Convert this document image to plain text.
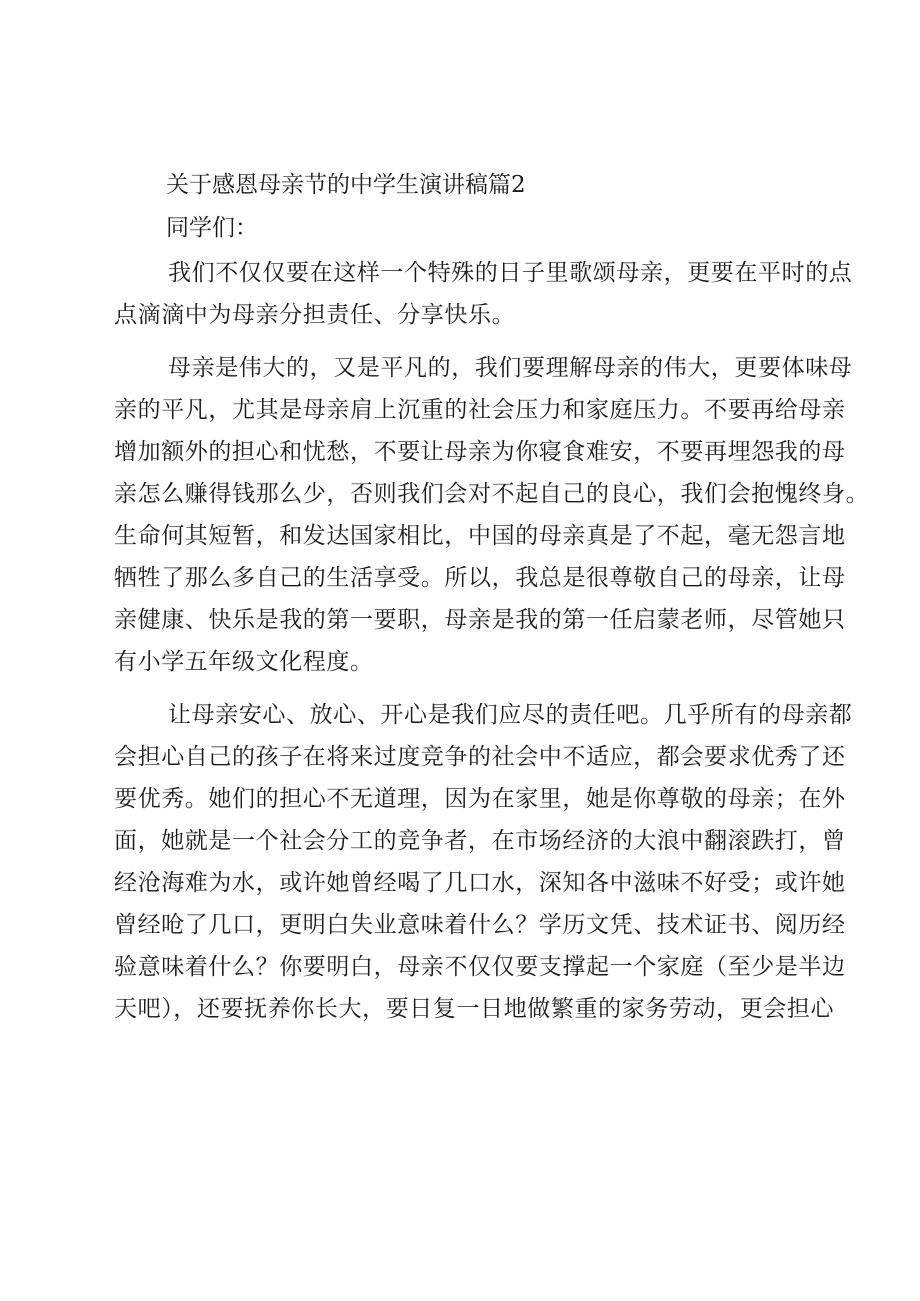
关于感恩母亲节的中学生演讲稿篇2
同学们：

我们不仅仅要在这样一个特殊的日子里歌颂母亲，更要在平时的点

点滴滴中为母亲分担责任、分享快乐。

母亲是伟大的，又是平凡的，我们要理解母亲的伟大，更要体味母

亲的平凡，尤其是母亲肩上沉重的社会压力和家庭压力。不要再给母亲

增加额外的担心和忧愁，不要让母亲为你寝食难安，不要再埋怨我的母

亲怎么赚得钱那么少，否则我们会对不起自己的良心，我们会抱愧终身。

生命何其短暂，和发达国家相比，中国的母亲真是了不起，毫无怨言地

牺牲了那么多自己的生活享受。所以，我总是很尊敬自己的母亲，让母

亲健康、快乐是我的第一要职，母亲是我的第一任启蒙老师，尽管她只

有小学五年级文化程度。

让母亲安心、放心、开心是我们应尽的责任吧。几乎所有的母亲都

会担心自己的孩子在将来过度竞争的社会中不适应，都会要求优秀了还

要优秀。她们的担心不无道理，因为在家里，她是你尊敬的母亲；在外

面，她就是一个社会分工的竞争者，在市场经济的大浪中翻滚跌打，曾

经沧海难为水，或许她曾经喝了几口水，深知各中滋味不好受；或许她

曾经呛了几口，更明白失业意味着什么？学历文凭、技术证书、阅历经

验意味着什么？你要明白，母亲不仅仅要支撑起一个家庭（至少是半边

天吧），还要抚养你长大，要日复一日地做繁重的家务劳动，更会担心
